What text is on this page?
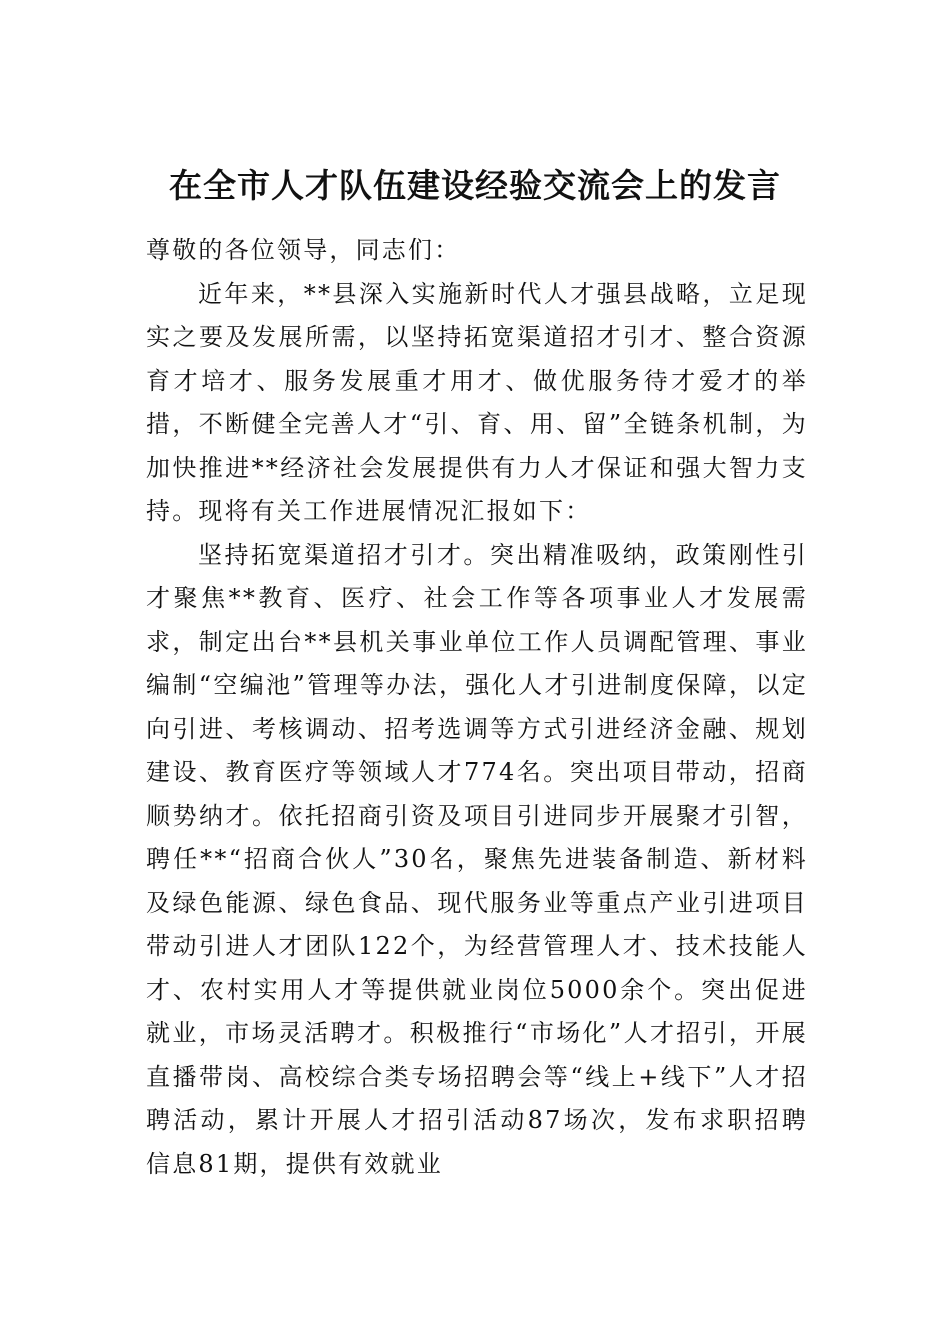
在全市人才队伍建设经验交流会上的发言

尊敬的各位领导，同志们：

近年来，**县深入实施新时代人才强县战略，立足现实之要及发展所需，以坚持拓宽渠道招才引才、整合资源育才培才、服务发展重才用才、做优服务待才爱才的举措，不断健全完善人才“引、育、用、留”全链条机制，为加快推进**经济社会发展提供有力人才保证和强大智力支持。现将有关工作进展情况汇报如下：

坚持拓宽渠道招才引才。突出精准吸纳，政策刚性引才聚焦**教育、医疗、社会工作等各项事业人才发展需求，制定出台**县机关事业单位工作人员调配管理、事业编制“空编池”管理等办法，强化人才引进制度保障，以定向引进、考核调动、招考选调等方式引进经济金融、规划建设、教育医疗等领域人才774名。突出项目带动，招商顺势纳才。依托招商引资及项目引进同步开展聚才引智，聘任**“招商合伙人”30名，聚焦先进装备制造、新材料及绿色能源、绿色食品、现代服务业等重点产业引进项目带动引进人才团队122个，为经营管理人才、技术技能人才、农村实用人才等提供就业岗位5000余个。突出促进就业，市场灵活聘才。积极推行“市场化”人才招引，开展直播带岗、高校综合类专场招聘会等“线上+线下”人才招聘活动，累计开展人才招引活动87场次，发布求职招聘信息81期，提供有效就业
